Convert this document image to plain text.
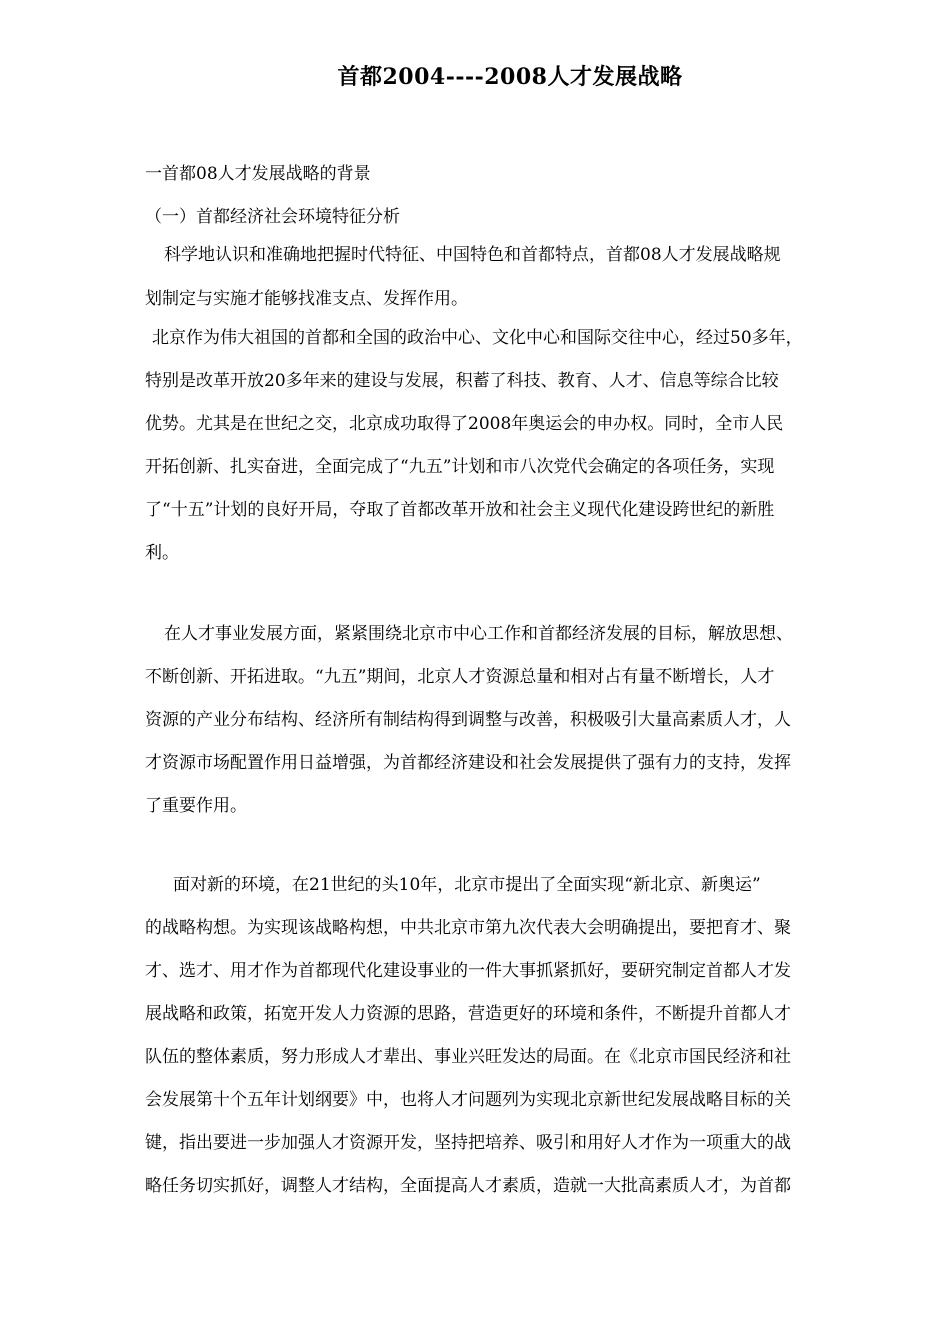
首都2004----2008人才发展战略
一首都08人才发展战略的背景
（一）首都经济社会环境特征分析
科学地认识和准确地把握时代特征、中国特色和首都特点，首都08人才发展战略规
划制定与实施才能够找准支点、发挥作用。
北京作为伟大祖国的首都和全国的政治中心、文化中心和国际交往中心，经过50多年，
特别是改革开放20多年来的建设与发展，积蓄了科技、教育、人才、信息等综合比较
优势。尤其是在世纪之交，北京成功取得了2008年奥运会的申办权。同时，全市人民
开拓创新、扎实奋进，全面完成了“九五”计划和市八次党代会确定的各项任务，实现
了“十五”计划的良好开局，夺取了首都改革开放和社会主义现代化建设跨世纪的新胜
利。
在人才事业发展方面，紧紧围绕北京市中心工作和首都经济发展的目标，解放思想、
不断创新、开拓进取。“九五”期间，北京人才资源总量和相对占有量不断增长，人才
资源的产业分布结构、经济所有制结构得到调整与改善，积极吸引大量高素质人才，人
才资源市场配置作用日益增强，为首都经济建设和社会发展提供了强有力的支持，发挥
了重要作用。
面对新的环境，在21世纪的头10年，北京市提出了全面实现“新北京、新奥运”
的战略构想。为实现该战略构想，中共北京市第九次代表大会明确提出，要把育才、聚
才、选才、用才作为首都现代化建设事业的一件大事抓紧抓好，要研究制定首都人才发
展战略和政策，拓宽开发人力资源的思路，营造更好的环境和条件，不断提升首都人才
队伍的整体素质，努力形成人才辈出、事业兴旺发达的局面。在《北京市国民经济和社
会发展第十个五年计划纲要》中，也将人才问题列为实现北京新世纪发展战略目标的关
键，指出要进一步加强人才资源开发，坚持把培养、吸引和用好人才作为一项重大的战
略任务切实抓好，调整人才结构，全面提高人才素质，造就一大批高素质人才，为首都
